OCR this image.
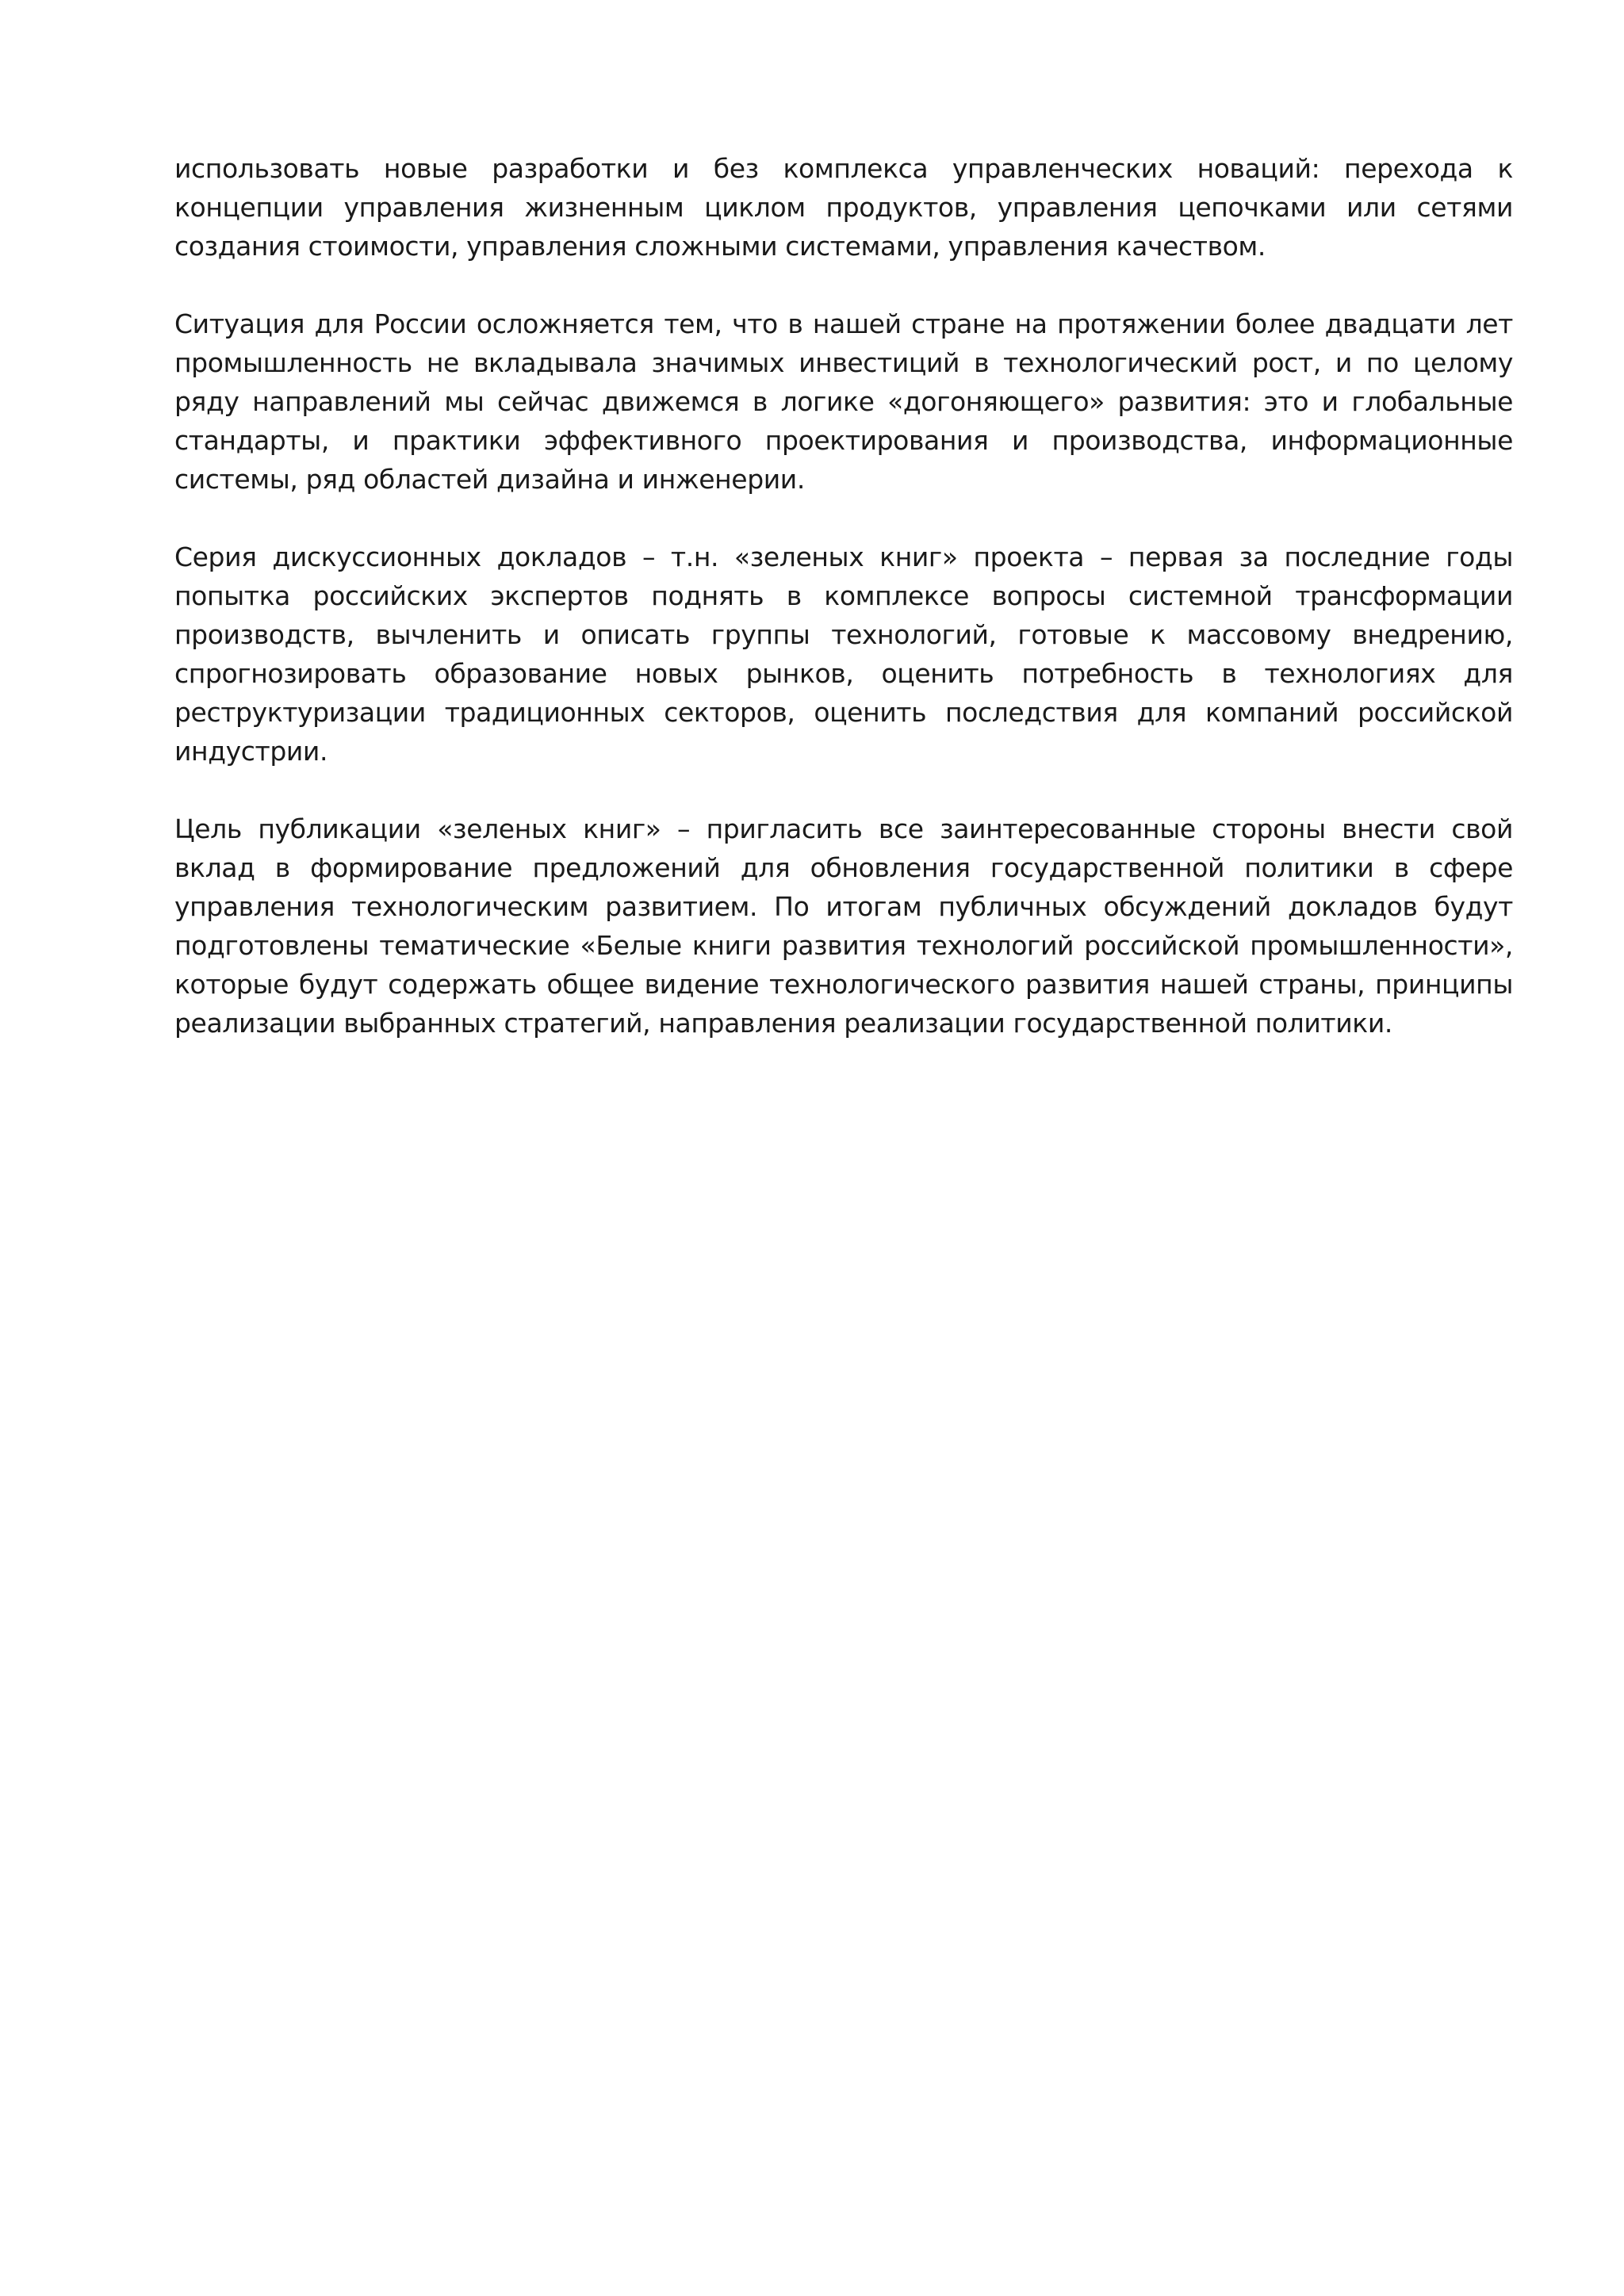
использовать новые разработки и без комплекса управленческих новаций: перехода к концепции управления жизненным циклом продуктов, управления цепочками или сетями создания стоимости, управления сложными системами, управления качеством.

Ситуация для России осложняется тем, что в нашей стране на протяжении более двадцати лет промышленность не вкладывала значимых инвестиций в технологический рост, и по целому ряду направлений мы сейчас движемся в логике «догоняющего» развития: это и глобальные стандарты, и практики эффективного проектирования и производства, информационные системы, ряд областей дизайна и инженерии.

Серия дискуссионных докладов – т.н. «зеленых книг» проекта – первая за последние годы попытка российских экспертов поднять в комплексе вопросы системной трансформации производств, вычленить и описать группы технологий, готовые к массовому внедрению, спрогнозировать образование новых рынков, оценить потребность в технологиях для реструктуризации традиционных секторов, оценить последствия для компаний российской индустрии.

Цель публикации «зеленых книг» – пригласить все заинтересованные стороны внести свой вклад в формирование предложений для обновления государственной политики в сфере управления технологическим развитием. По итогам публичных обсуждений докладов будут подготовлены тематические «Белые книги развития технологий российской промышленности», которые будут содержать общее видение технологического развития нашей страны, принципы реализации выбранных стратегий, направления реализации государственной политики.
